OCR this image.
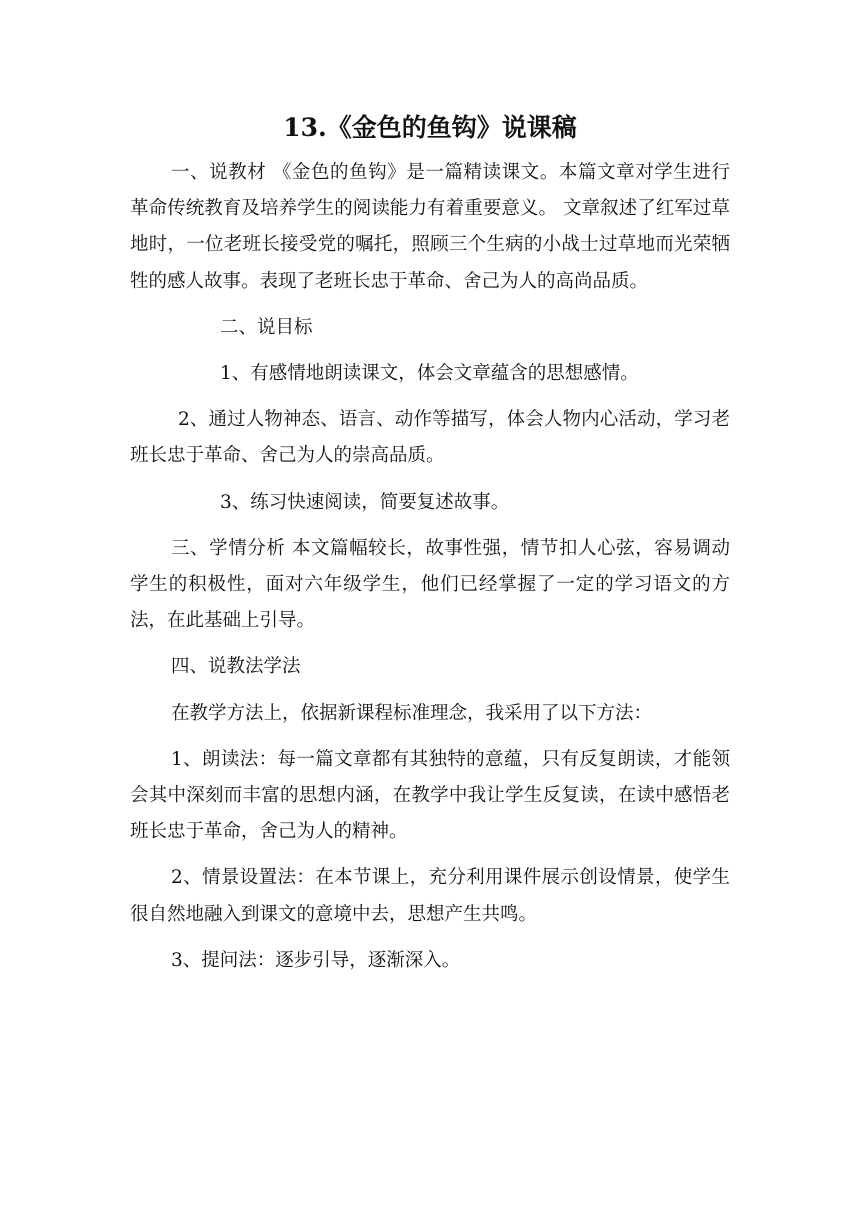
13.《金色的鱼钩》说课稿

一、说教材 《金色的鱼钩》是一篇精读课文。本篇文章对学生进行革命传统教育及培养学生的阅读能力有着重要意义。 文章叙述了红军过草地时，一位老班长接受党的嘱托，照顾三个生病的小战士过草地而光荣牺牲的感人故事。表现了老班长忠于革命、舍己为人的高尚品质。

二、说目标

1、有感情地朗读课文，体会文章蕴含的思想感情。

2、通过人物神态、语言、动作等描写，体会人物内心活动，学习老班长忠于革命、舍己为人的崇高品质。

3、练习快速阅读，简要复述故事。

三、学情分析 本文篇幅较长，故事性强，情节扣人心弦，容易调动学生的积极性，面对六年级学生，他们已经掌握了一定的学习语文的方法，在此基础上引导。

四、说教法学法

在教学方法上，依据新课程标准理念，我采用了以下方法：

1、朗读法：每一篇文章都有其独特的意蕴，只有反复朗读，才能领会其中深刻而丰富的思想内涵，在教学中我让学生反复读，在读中感悟老班长忠于革命，舍己为人的精神。

2、情景设置法：在本节课上，充分利用课件展示创设情景，使学生很自然地融入到课文的意境中去，思想产生共鸣。

3、提问法：逐步引导，逐渐深入。
